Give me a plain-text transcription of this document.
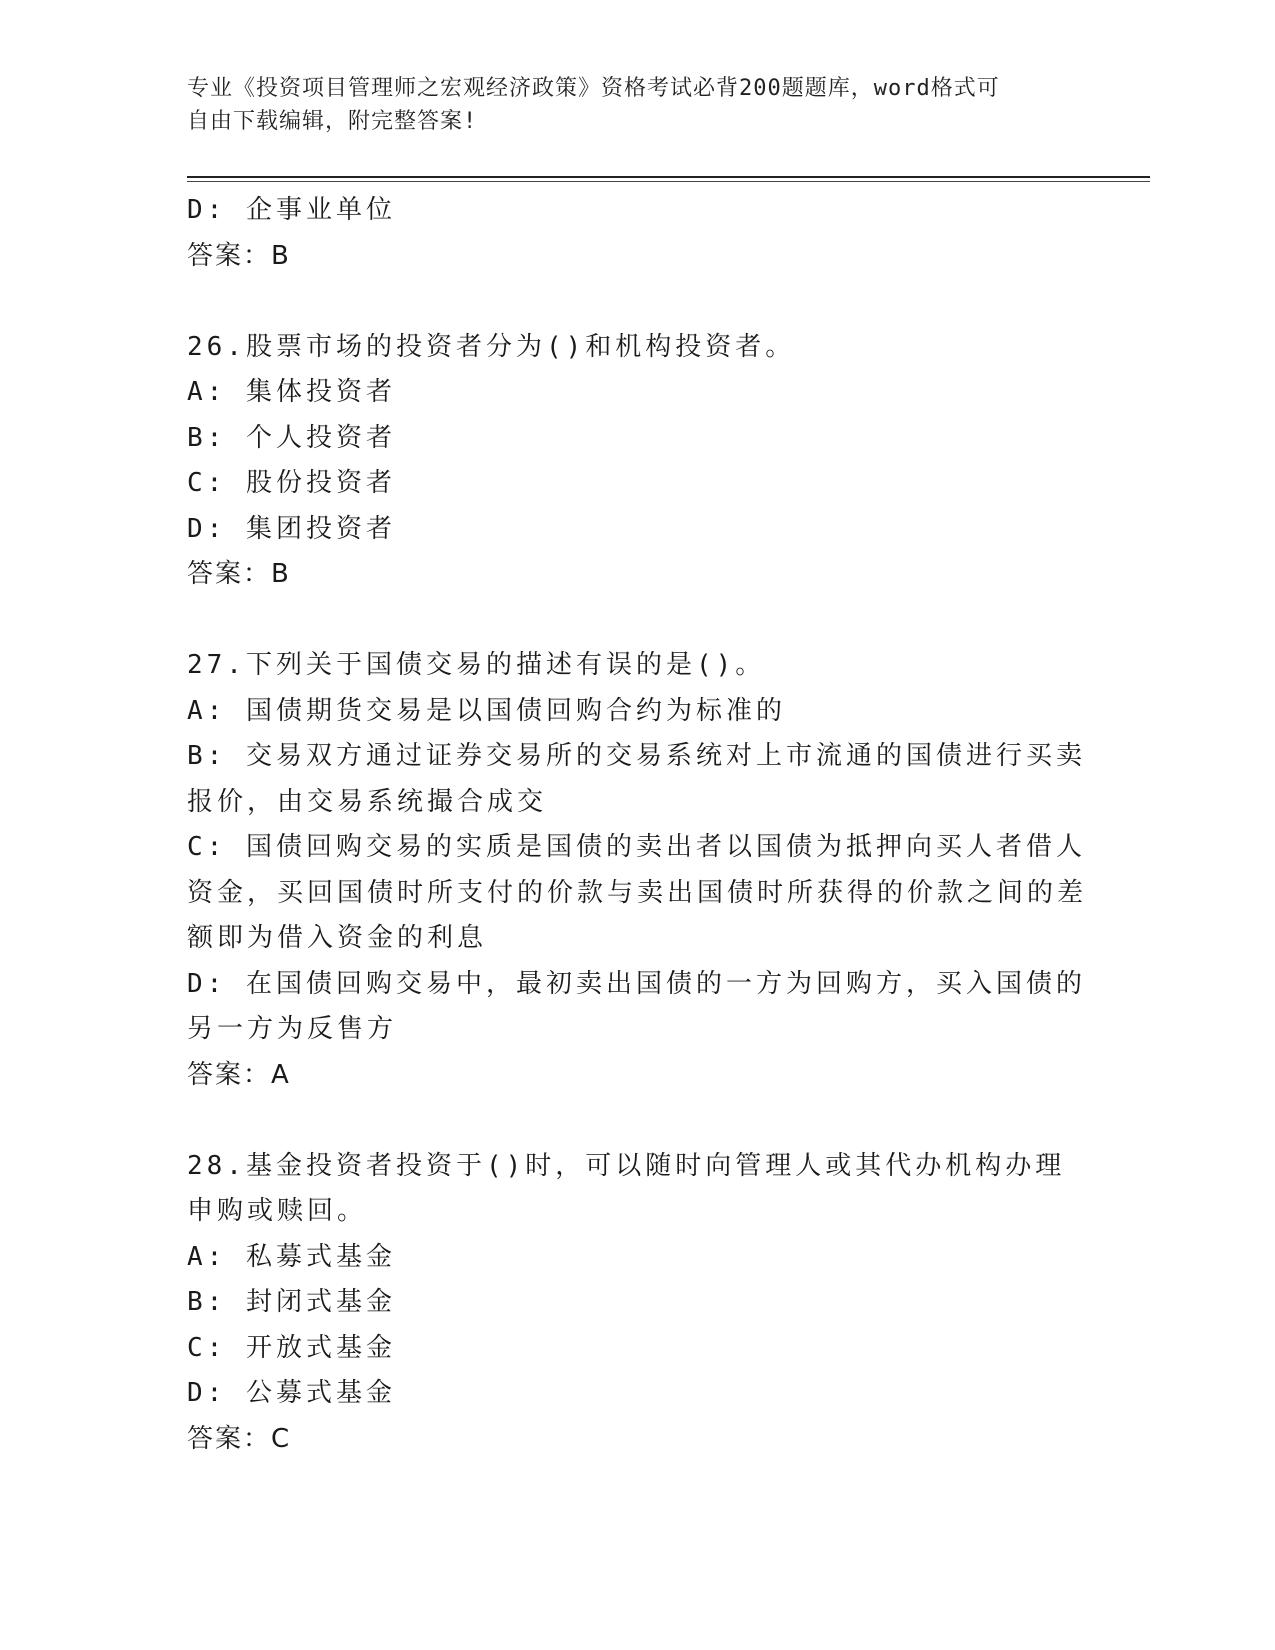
专业《投资项目管理师之宏观经济政策》资格考试必背200题题库，word格式可
自由下载编辑，附完整答案!
D: 企事业单位
答案：B
26.股票市场的投资者分为()和机构投资者。
A: 集体投资者
B: 个人投资者
C: 股份投资者
D: 集团投资者
答案：B
27.下列关于国债交易的描述有误的是()。
A: 国债期货交易是以国债回购合约为标准的
B: 交易双方通过证券交易所的交易系统对上市流通的国债进行买卖报价，由交易系统撮合成交
C: 国债回购交易的实质是国债的卖出者以国债为抵押向买人者借人资金，买回国债时所支付的价款与卖出国债时所获得的价款之间的差额即为借入资金的利息
D: 在国债回购交易中，最初卖出国债的一方为回购方，买入国债的另一方为反售方
答案：A
28.基金投资者投资于()时，可以随时向管理人或其代办机构办理申购或赎回。
A: 私募式基金
B: 封闭式基金
C: 开放式基金
D: 公募式基金
答案：C
